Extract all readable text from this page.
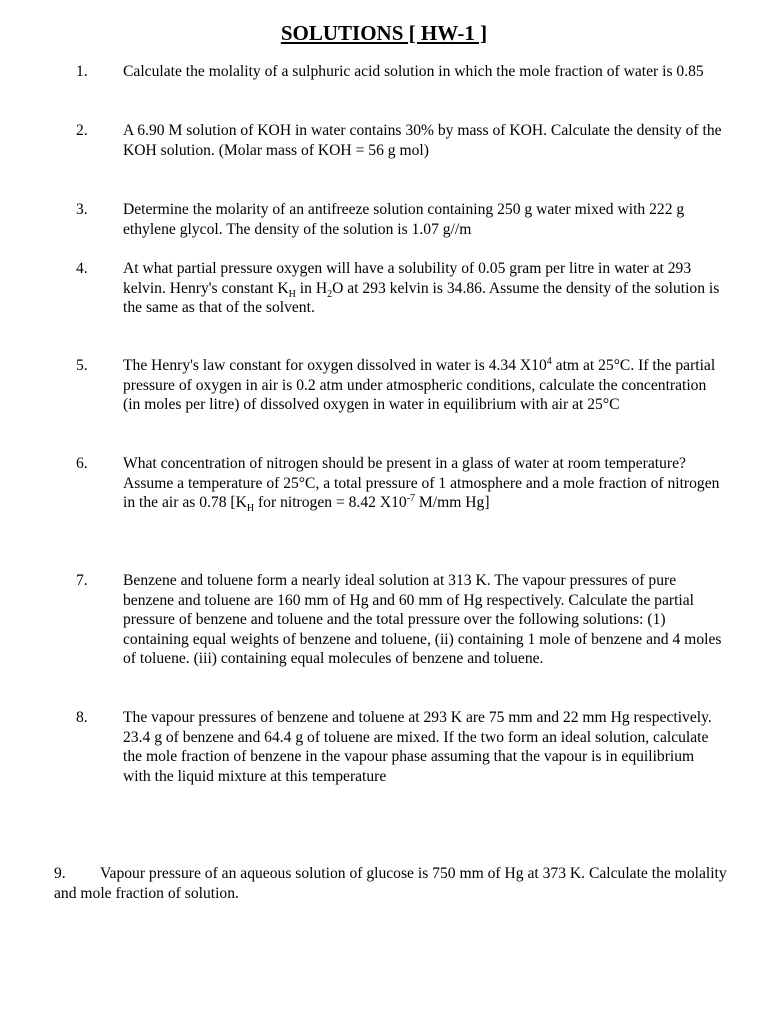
SOLUTIONS [ HW-1 ]
1. Calculate the molality of a sulphuric acid solution in which the mole fraction of water is 0.85
2. A 6.90 M solution of KOH in water contains 30% by mass of KOH. Calculate the density of the KOH solution. (Molar mass of KOH = 56 g mol)
3. Determine the molarity of an antifreeze solution containing 250 g water mixed with 222 g ethylene glycol. The density of the solution is 1.07 g//m
4. At what partial pressure oxygen will have a solubility of 0.05 gram per litre in water at 293 kelvin. Henry's constant $K_H$ in $H_2O$ at 293 kelvin is 34.86. Assume the density of the solution is the same as that of the solvent.
5. The Henry's law constant for oxygen dissolved in water is 4.34 $X10^4$ atm at 25°C. If the partial pressure of oxygen in air is 0.2 atm under atmospheric conditions, calculate the concentration (in moles per litre) of dissolved oxygen in water in equilibrium with air at 25°C
6. What concentration of nitrogen should be present in a glass of water at room temperature? Assume a temperature of 25°C, a total pressure of 1 atmosphere and a mole fraction of nitrogen in the air as 0.78 [$K_H$ for nitrogen = 8.42 $X10^{-7}$ M/mm Hg]
7. Benzene and toluene form a nearly ideal solution at 313 K. The vapour pressures of pure benzene and toluene are 160 mm of Hg and 60 mm of Hg respectively. Calculate the partial pressure of benzene and toluene and the total pressure over the following solutions: (1) containing equal weights of benzene and toluene, (ii) containing 1 mole of benzene and 4 moles of toluene. (iii) containing equal molecules of benzene and toluene.
8. The vapour pressures of benzene and toluene at 293 K are 75 mm and 22 mm Hg respectively. 23.4 g of benzene and 64.4 g of toluene are mixed. If the two form an ideal solution, calculate the mole fraction of benzene in the vapour phase assuming that the vapour is in equilibrium with the liquid mixture at this temperature
9. Vapour pressure of an aqueous solution of glucose is 750 mm of Hg at 373 K. Calculate the molality and mole fraction of solution.
